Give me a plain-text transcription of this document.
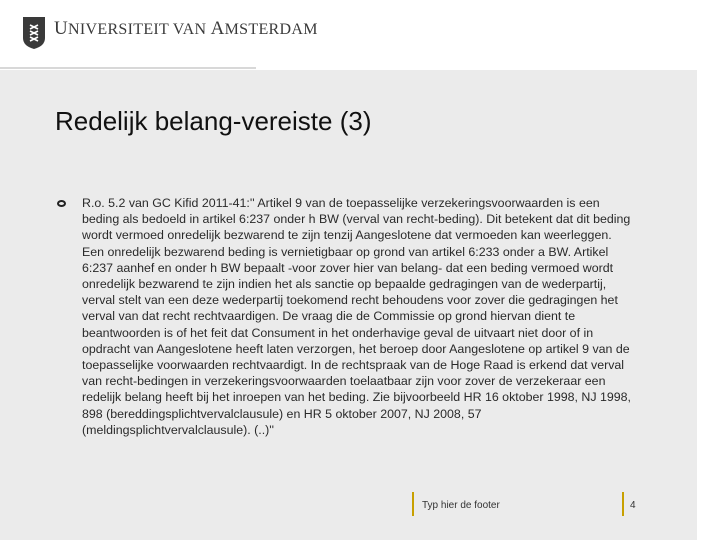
UNIVERSITEIT VAN AMSTERDAM
Redelijk belang-vereiste (3)
R.o. 5.2 van GC Kifid 2011-41:'' Artikel 9 van de toepasselijke verzekeringsvoorwaarden is een beding als bedoeld in artikel 6:237 onder h BW (verval van recht-beding). Dit betekent dat dit beding wordt vermoed onredelijk bezwarend te zijn tenzij Aangeslotene dat vermoeden kan weerleggen. Een onredelijk bezwarend beding is vernietigbaar op grond van artikel 6:233 onder a BW. Artikel 6:237 aanhef en onder h BW bepaalt -voor zover hier van belang- dat een beding vermoed wordt onredelijk bezwarend te zijn indien het als sanctie op bepaalde gedragingen van de wederpartij, verval stelt van een deze wederpartij toekomend recht behoudens voor zover die gedragingen het verval van dat recht rechtvaardigen. De vraag die de Commissie op grond hiervan dient te beantwoorden is of het feit dat Consument in het onderhavige geval de uitvaart niet door of in opdracht van Aangeslotene heeft laten verzorgen, het beroep door Aangeslotene op artikel 9 van de toepasselijke voorwaarden rechtvaardigt. In de rechtspraak van de Hoge Raad is erkend dat verval van recht-bedingen in verzekeringsvoorwaarden toelaatbaar zijn voor zover de verzekeraar een redelijk belang heeft bij het inroepen van het beding. Zie bijvoorbeeld HR 16 oktober 1998, NJ 1998, 898 (bereddingsplichtvervalclausule) en HR 5 oktober 2007, NJ 2008, 57 (meldingsplichtvervalclausule). (..)''
Typ hier de footer	4
